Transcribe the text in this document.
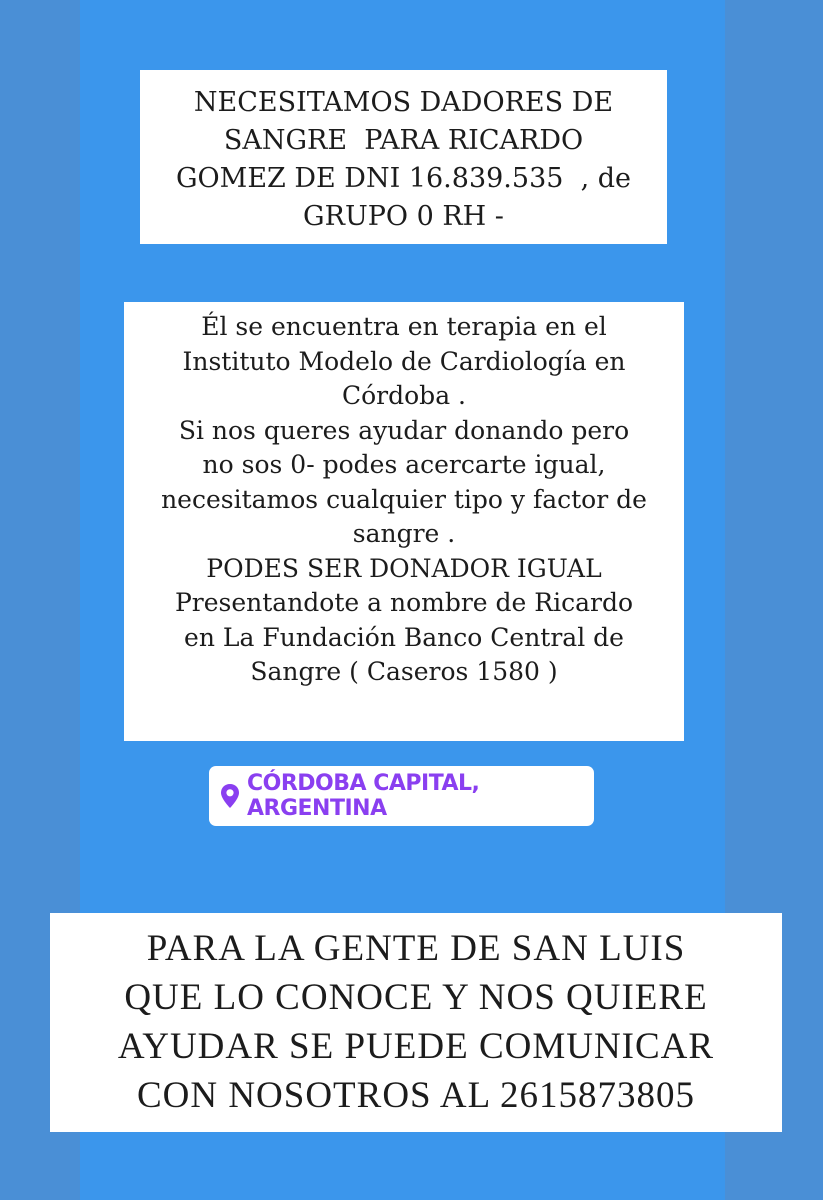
NECESITAMOS DADORES DE
SANGRE  PARA RICARDO
GOMEZ DE DNI 16.839.535  , de
GRUPO 0 RH -
Él se encuentra en terapia en el
Instituto Modelo de Cardiología en
Córdoba .
Si nos queres ayudar donando pero
no sos 0- podes acercarte igual,
necesitamos cualquier tipo y factor de
sangre .
PODES SER DONADOR IGUAL
Presentandote a nombre de Ricardo
en La Fundación Banco Central de
Sangre ( Caseros 1580 )
CÓRDOBA CAPITAL, ARGENTINA
PARA LA GENTE DE SAN LUIS
QUE LO CONOCE Y NOS QUIERE
AYUDAR SE PUEDE COMUNICAR
CON NOSOTROS AL 2615873805
